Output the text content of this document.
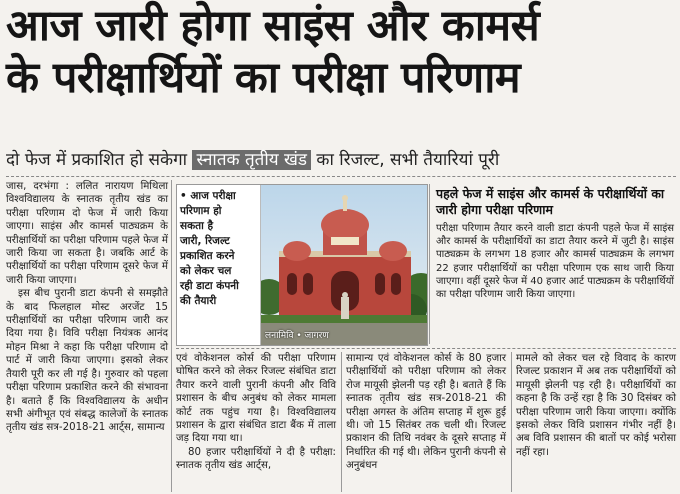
आज जारी होगा साइंस और कामर्स
के परीक्षार्थियों का परीक्षा परिणाम
दो फेज में प्रकाशित हो सकेगा स्नातक तृतीय खंड का रिजल्ट, सभी तैयारियां पूरी

जास, दरभंगा : ललित नारायण मिथिला विश्वविद्यालय के स्नातक तृतीय खंड का परीक्षा परिणाम दो फेज में जारी किया जाएगा। साइंस और कामर्स पाठ्यक्रम के परीक्षार्थियों का परीक्षा परिणाम पहले फेज में जारी किया जा सकता है। जबकि आर्ट के परीक्षार्थियों का परीक्षा परिणाम दूसरे फेज में जारी किया जाएगा।

इस बीच पुरानी डाटा कंपनी से समझौते के बाद फिलहाल मोस्ट अरजेंट 15 परीक्षार्थियों का परीक्षा परिणाम जारी कर दिया गया है। विवि परीक्षा नियंत्रक आनंद मोहन मिश्रा ने कहा कि परीक्षा परिणाम दो पार्ट में जारी किया जाएगा। इसको लेकर तैयारी पूरी कर ली गई है। गुरुवार को पहला परीक्षा परिणाम प्रकाशित करने की संभावना है। बताते हैं कि विश्वविद्यालय के अधीन सभी अंगीभूत एवं संबद्ध कालेजों के स्नातक तृतीय खंड सत्र-2018-21 आर्ट्स, सामान्य

• आज परीक्षा
परिणाम हो
सकता है
जारी, रिजल्ट
प्रकाशित करने
को लेकर चल
रही डाटा कंपनी
की तैयारी
लनामिवि • जागरण
पहले फेज में साइंस और कामर्स के परीक्षार्थियों का जारी होगा परीक्षा परिणाम
परीक्षा परिणाम तैयार करने वाली डाटा कंपनी पहले फेज में साइंस और कामर्स के परीक्षार्थियों का डाटा तैयार करने में जुटी है। साइंस पाठ्यक्रम के लगभग 18 हजार और कामर्स पाठ्यक्रम के लगभग 22 हजार परीक्षार्थियों का परीक्षा परिणाम एक साथ जारी किया जाएगा। वहीं दूसरे फेज में 40 हजार आर्ट पाठ्यक्रम के परीक्षार्थियों का परीक्षा परिणाम जारी किया जाएगा।

एवं वोकेशनल कोर्स की परीक्षा परिणाम घोषित करने को लेकर रिजल्ट संबंधित डाटा तैयार करने वाली पुरानी कंपनी और विवि प्रशासन के बीच अनुबंध को लेकर मामला कोर्ट तक पहुंच गया है। विश्वविद्यालय प्रशासन के द्वारा संबंधित डाटा बैंक में ताला जड़ दिया गया था।

80 हजार परीक्षार्थियों ने दी है परीक्षा: स्नातक तृतीय खंड आर्ट्स,

सामान्य एवं वोकेशनल कोर्स के 80 हजार परीक्षार्थियों को परीक्षा परिणाम को लेकर रोज मायूसी झेलनी पड़ रही है। बताते हैं कि स्नातक तृतीय खंड सत्र-2018-21 की परीक्षा अगस्त के अंतिम सप्ताह में शुरू हुई थी। जो 15 सितंबर तक चली थी। रिजल्ट प्रकाशन की तिथि नवंबर के दूसरे सप्ताह में निर्धारित की गई थी। लेकिन पुरानी कंपनी से अनुबंधन

मामले को लेकर चल रहे विवाद के कारण रिजल्ट प्रकाशन में अब तक परीक्षार्थियों को मायूसी झेलनी पड़ रही है। परीक्षार्थियों का कहना है कि उन्हें रहा है कि 30 दिसंबर को परीक्षा परिणाम जारी किया जाएगा। क्योंकि इसको लेकर विवि प्रशासन गंभीर नहीं है। अब विवि प्रशासन की बातों पर कोई भरोसा नहीं रहा।
